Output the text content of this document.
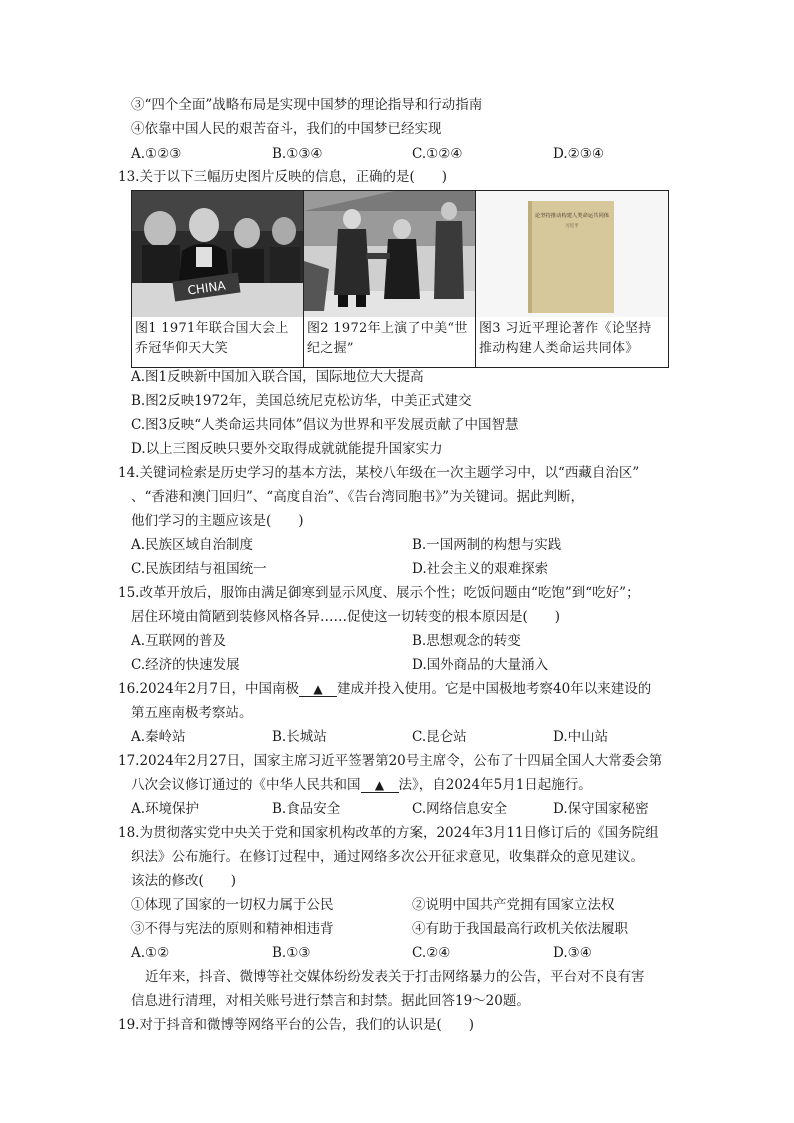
③“四个全面”战略布局是实现中国梦的理论指导和行动指南
④依靠中国人民的艰苦奋斗，我们的中国梦已经实现
A.①②③	B.①③④	C.①②④	D.②③④
13.关于以下三幅历史图片反映的信息，正确的是(　　)
CHINA
图1 1971年联合国大会上
乔冠华仰天大笑

图2 1972年上演了中美“世
纪之握”

论坚持推动构建人类命运共同体
习近平
图3 习近平理论著作《论坚持
推动构建人类命运共同体》
A.图1反映新中国加入联合国，国际地位大大提高
B.图2反映1972年，美国总统尼克松访华，中美正式建交
C.图3反映“人类命运共同体”倡议为世界和平发展贡献了中国智慧
D.以上三图反映只要外交取得成就就能提升国家实力
14.关键词检索是历史学习的基本方法，某校八年级在一次主题学习中，以“西藏自治区”
、“香港和澳门回归”、“高度自治”、《告台湾同胞书》”为关键词。据此判断，
他们学习的主题应该是(　　)
A.民族区域自治制度	B.一国两制的构想与实践
C.民族团结与祖国统一	D.社会主义的艰难探索
15.改革开放后，服饰由满足御寒到显示风度、展示个性；吃饭问题由“吃饱”到“吃好”；
居住环境由简陋到装修风格各异……促使这一切转变的根本原因是(　　)
A.互联网的普及	B.思想观念的转变
C.经济的快速发展	D.国外商品的大量涌入
16.2024年2月7日，中国南极 ▲ 建成并投入使用。它是中国极地考察40年以来建设的
第五座南极考察站。
A.秦岭站	B.长城站	C.昆仑站	D.中山站
17.2024年2月27日，国家主席习近平签署第20号主席令，公布了十四届全国人大常委会第
八次会议修订通过的《中华人民共和国 ▲ 法》，自2024年5月1日起施行。
A.环境保护	B.食品安全	C.网络信息安全	D.保守国家秘密
18.为贯彻落实党中央关于党和国家机构改革的方案，2024年3月11日修订后的《国务院组
织法》公布施行。在修订过程中，通过网络多次公开征求意见，收集群众的意见建议。
该法的修改(　　)
①体现了国家的一切权力属于公民	②说明中国共产党拥有国家立法权
③不得与宪法的原则和精神相违背	④有助于我国最高行政机关依法履职
A.①②	B.①③	C.②④	D.③④
近年来，抖音、微博等社交媒体纷纷发表关于打击网络暴力的公告，平台对不良有害
信息进行清理，对相关账号进行禁言和封禁。据此回答19～20题。
19.对于抖音和微博等网络平台的公告，我们的认识是(　　)
